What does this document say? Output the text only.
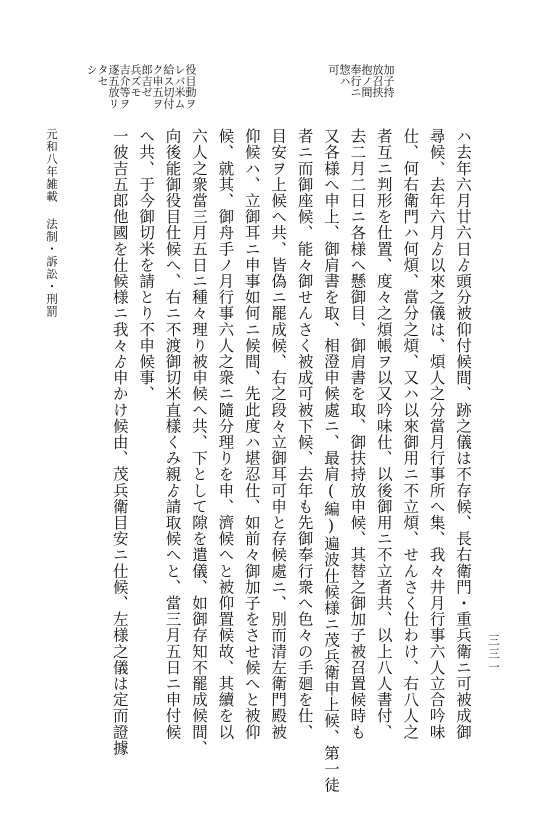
加子持
放召挟
抱ノ間
奉行ニ
惣ハ
可
役目動ヲ
レバ米ム
給ス切付
ク申五ヲ
郎吉ゼ
兵ズモ
吉介等ヲ
逐五放リ
タセ
シ
ハ去年六月廿六日ゟ頭分被仰付候間、跡之儀は不存候、長右衛門・重兵衛ニ可被成御
尋候、去年六月ゟ以來之儀は、煩人之分當月行事所へ集、我々井月行事六人立合吟味
仕、何右衛門ハ何煩、當分之煩、又ハ以來御用ニ不立煩、せんさく仕わけ、右八人之
者互ニ判形を仕置、度々之煩帳ヲ以又吟味仕、以後御用ニ不立者共、以上八人書付、
去二月二日ニ各様へ懸御目、御肩書を取、御扶持放申候、其替之御加子被召置候時も
又各様へ申上、御肩書を取、相澄申候處ニ、最肩(編)遍波仕候様ニ茂兵衛申上候、第一徒
者ニ而御座候、能々御せんさく被成可被下候、去年も先御奉行衆へ色々の手廻を仕、
目安ヲ上候へ共、皆偽ニ罷成候、右之段々立御耳可申と存候處ニ、別而清左衛門殿被
仰候ハ、立御耳ニ申事如何ニ候間、先此度ハ堪忍仕、如前々御加子をさせ候へと被仰
候、就其、御舟手ノ月行事六人之衆ニ隨分理りを申、濟候へと被仰置候故、其續を以
六人之衆當三月五日ニ種々理り被申候へ共、下として隙を遣儀、如御存知不罷成候間、
向後能御役目仕候へ、右ニ不渡御切米直樣くみ親ゟ請取候へと、當三月五日ニ申付候
へ共、于今御切米を請とり不申候事、
一彼吉五郎他國を仕候様ニ我々ゟ申かけ候由、茂兵衛目安ニ仕候、左様之儀は定而證據
元和八年雑載 法制・訴訟・刑罰
三三一
